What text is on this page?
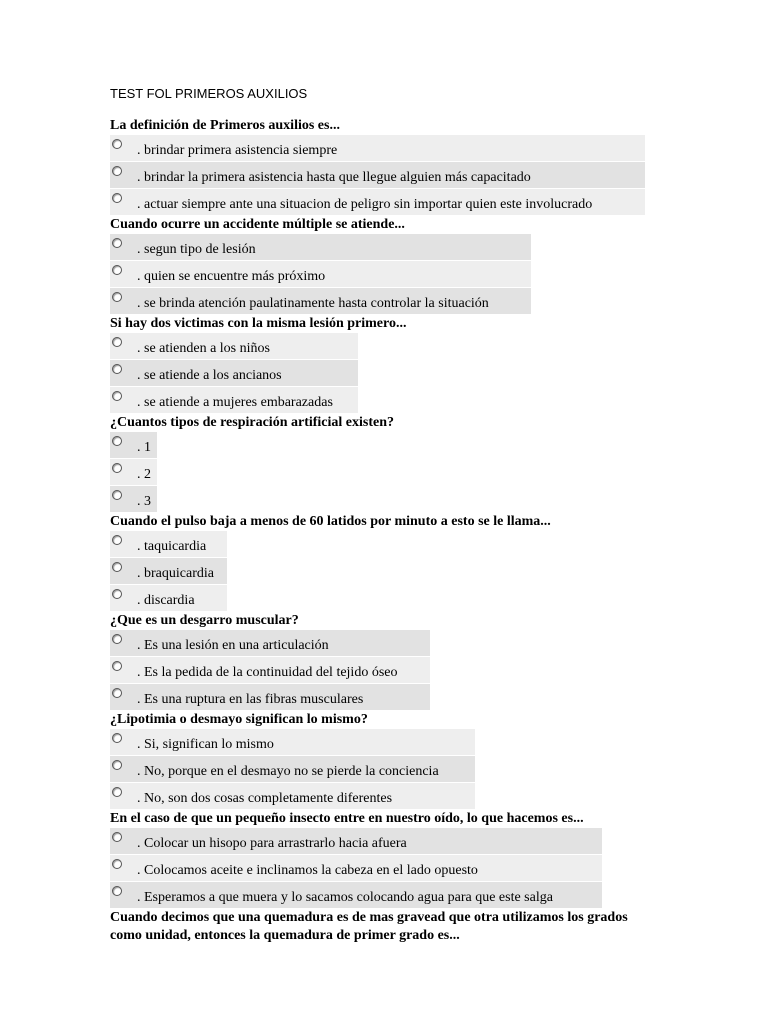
TEST FOL PRIMEROS AUXILIOS
La definición de Primeros auxilios es...
. brindar primera asistencia siempre
. brindar la primera asistencia hasta que llegue alguien más capacitado
. actuar siempre ante una situacion de peligro sin importar quien este involucrado
Cuando ocurre un accidente múltiple se atiende...
. segun tipo de lesión
. quien se encuentre más próximo
. se brinda atención paulatinamente hasta controlar la situación
Si hay dos victimas con la misma lesión primero...
. se atienden a los niños
. se atiende a los ancianos
. se atiende a mujeres embarazadas
¿Cuantos tipos de respiración artificial existen?
. 1
. 2
. 3
Cuando el pulso baja a menos de 60 latidos por minuto a esto se le llama...
. taquicardia
. braquicardia
. discardia
¿Que es un desgarro muscular?
. Es una lesión en una articulación
. Es la pedida de la continuidad del tejido óseo
. Es una ruptura en las fibras musculares
¿Lipotimia o desmayo significan lo mismo?
. Si, significan lo mismo
. No, porque en el desmayo no se pierde la conciencia
. No, son dos cosas completamente diferentes
En el caso de que un pequeño insecto entre en nuestro oído, lo que hacemos es...
. Colocar un hisopo para arrastrarlo hacia afuera
. Colocamos aceite e inclinamos la cabeza en el lado opuesto
. Esperamos a que muera y lo sacamos colocando agua para que este salga
Cuando decimos que una quemadura es de mas gravead que otra utilizamos los grados como unidad, entonces la quemadura de primer grado es...
